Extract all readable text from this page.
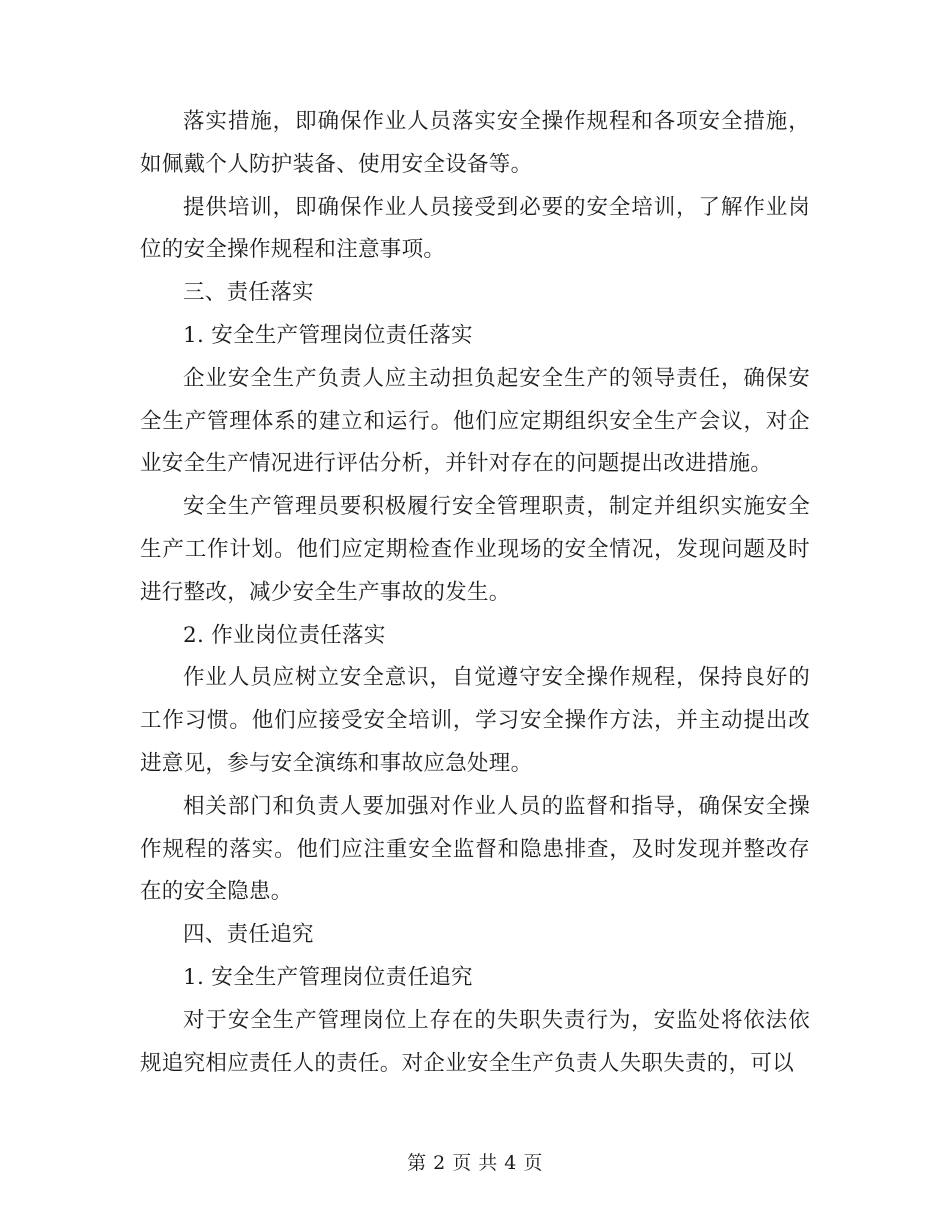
落实措施，即确保作业人员落实安全操作规程和各项安全措施，如佩戴个人防护装备、使用安全设备等。

提供培训，即确保作业人员接受到必要的安全培训，了解作业岗位的安全操作规程和注意事项。

三、责任落实

1. 安全生产管理岗位责任落实

企业安全生产负责人应主动担负起安全生产的领导责任，确保安全生产管理体系的建立和运行。他们应定期组织安全生产会议，对企业安全生产情况进行评估分析，并针对存在的问题提出改进措施。

安全生产管理员要积极履行安全管理职责，制定并组织实施安全生产工作计划。他们应定期检查作业现场的安全情况，发现问题及时进行整改，减少安全生产事故的发生。

2. 作业岗位责任落实

作业人员应树立安全意识，自觉遵守安全操作规程，保持良好的工作习惯。他们应接受安全培训，学习安全操作方法，并主动提出改进意见，参与安全演练和事故应急处理。

相关部门和负责人要加强对作业人员的监督和指导，确保安全操作规程的落实。他们应注重安全监督和隐患排查，及时发现并整改存在的安全隐患。

四、责任追究

1. 安全生产管理岗位责任追究

对于安全生产管理岗位上存在的失职失责行为，安监处将依法依规追究相应责任人的责任。对企业安全生产负责人失职失责的，可以

第 2 页 共 4 页
